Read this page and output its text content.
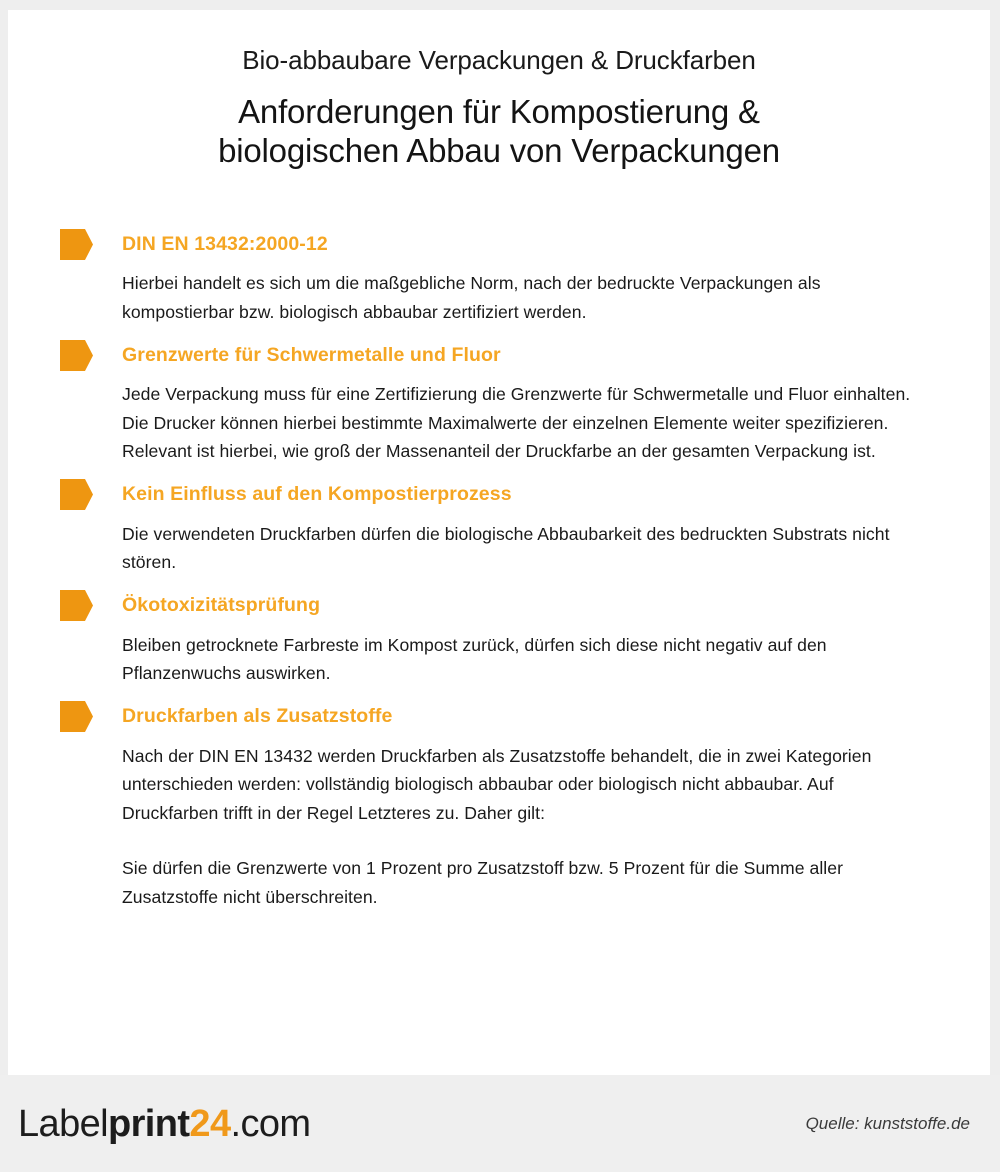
Bio-abbaubare Verpackungen & Druckfarben
Anforderungen für Kompostierung &
biologischen Abbau von Verpackungen
DIN EN 13432:2000-12

Hierbei handelt es sich um die maßgebliche Norm, nach der bedruckte Verpackungen als kompostierbar bzw. biologisch abbaubar zertifiziert werden.

Grenzwerte für Schwermetalle und Fluor

Jede Verpackung muss für eine Zertifizierung die Grenzwerte für Schwermetalle und Fluor einhalten. Die Drucker können hierbei bestimmte Maximalwerte der einzelnen Elemente weiter spezifizieren. Relevant ist hierbei, wie groß der Massenanteil der Druckfarbe an der gesamten Verpackung ist.

Kein Einfluss auf den Kompostierprozess

Die verwendeten Druckfarben dürfen die biologische Abbaubarkeit des bedruckten Substrats nicht stören.

Ökotoxizitätsprüfung

Bleiben getrocknete Farbreste im Kompost zurück, dürfen sich diese nicht negativ auf den Pflanzenwuchs auswirken.

Druckfarben als Zusatzstoffe

Nach der DIN EN 13432 werden Druckfarben als Zusatzstoffe behandelt, die in zwei Kategorien unterschieden werden: vollständig biologisch abbaubar oder biologisch nicht abbaubar. Auf Druckfarben trifft in der Regel Letzteres zu. Daher gilt:

Sie dürfen die Grenzwerte von 1 Prozent pro Zusatzstoff bzw. 5 Prozent für die Summe aller Zusatzstoffe nicht überschreiten.

Label print 24 .com	Quelle: kunststoffe.de
